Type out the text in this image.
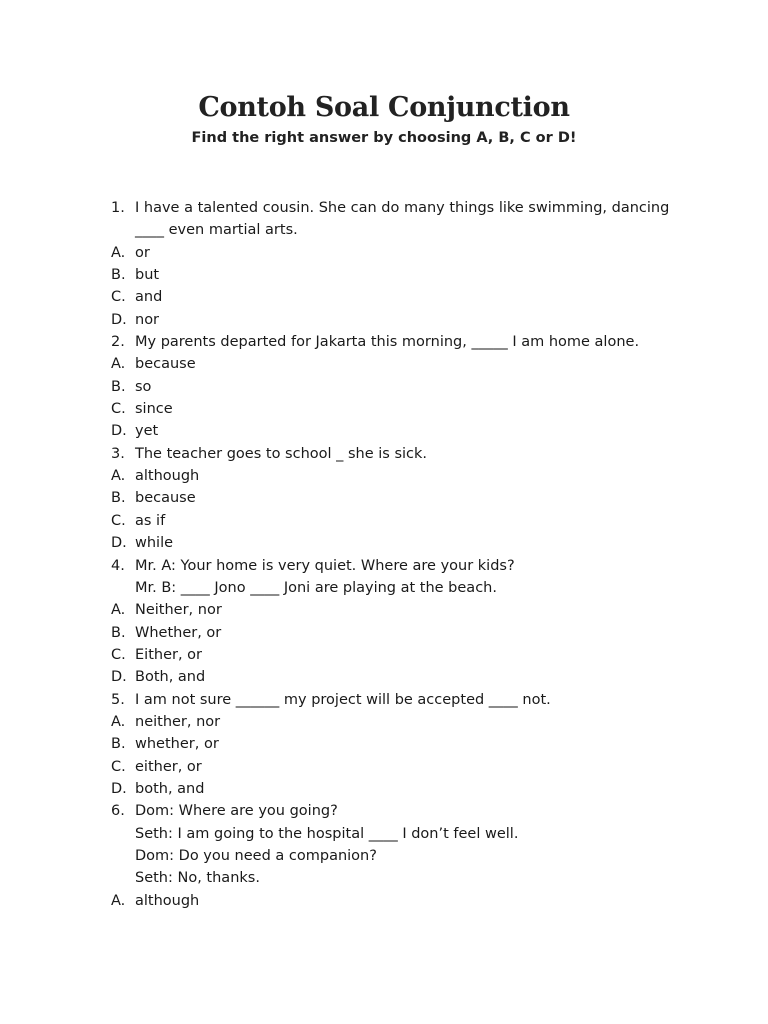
Contoh Soal Conjunction
Find the right answer by choosing A, B, C or D!
1. I have a talented cousin. She can do many things like swimming, dancing
____ even martial arts.
A. or
B. but
C. and
D. nor
2. My parents departed for Jakarta this morning, _____ I am home alone.
A. because
B. so
C. since
D. yet
3. The teacher goes to school _ she is sick.
A. although
B. because
C. as if
D. while
4. Mr. A: Your home is very quiet. Where are your kids?
Mr. B: ____ Jono ____ Joni are playing at the beach.
A. Neither, nor
B. Whether, or
C. Either, or
D. Both, and
5. I am not sure ______ my project will be accepted ____ not.
A. neither, nor
B. whether, or
C. either, or
D. both, and
6. Dom: Where are you going?
Seth: I am going to the hospital ____ I don’t feel well.
Dom: Do you need a companion?
Seth: No, thanks.
A. although
